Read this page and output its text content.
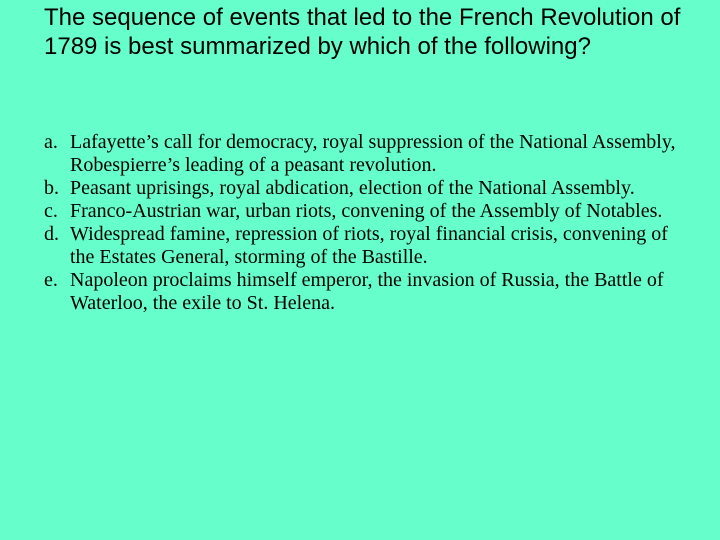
The sequence of events that led to the French Revolution of 1789 is best summarized by which of the following?
a. Lafayette’s call for democracy, royal suppression of the National Assembly, Robespierre’s leading of a peasant revolution.
b. Peasant uprisings, royal abdication, election of the National Assembly.
c. Franco-Austrian war, urban riots, convening of the Assembly of Notables.
d. Widespread famine, repression of riots, royal financial crisis, convening of the Estates General, storming of the Bastille.
e. Napoleon proclaims himself emperor, the invasion of Russia, the Battle of Waterloo, the exile to St. Helena.
